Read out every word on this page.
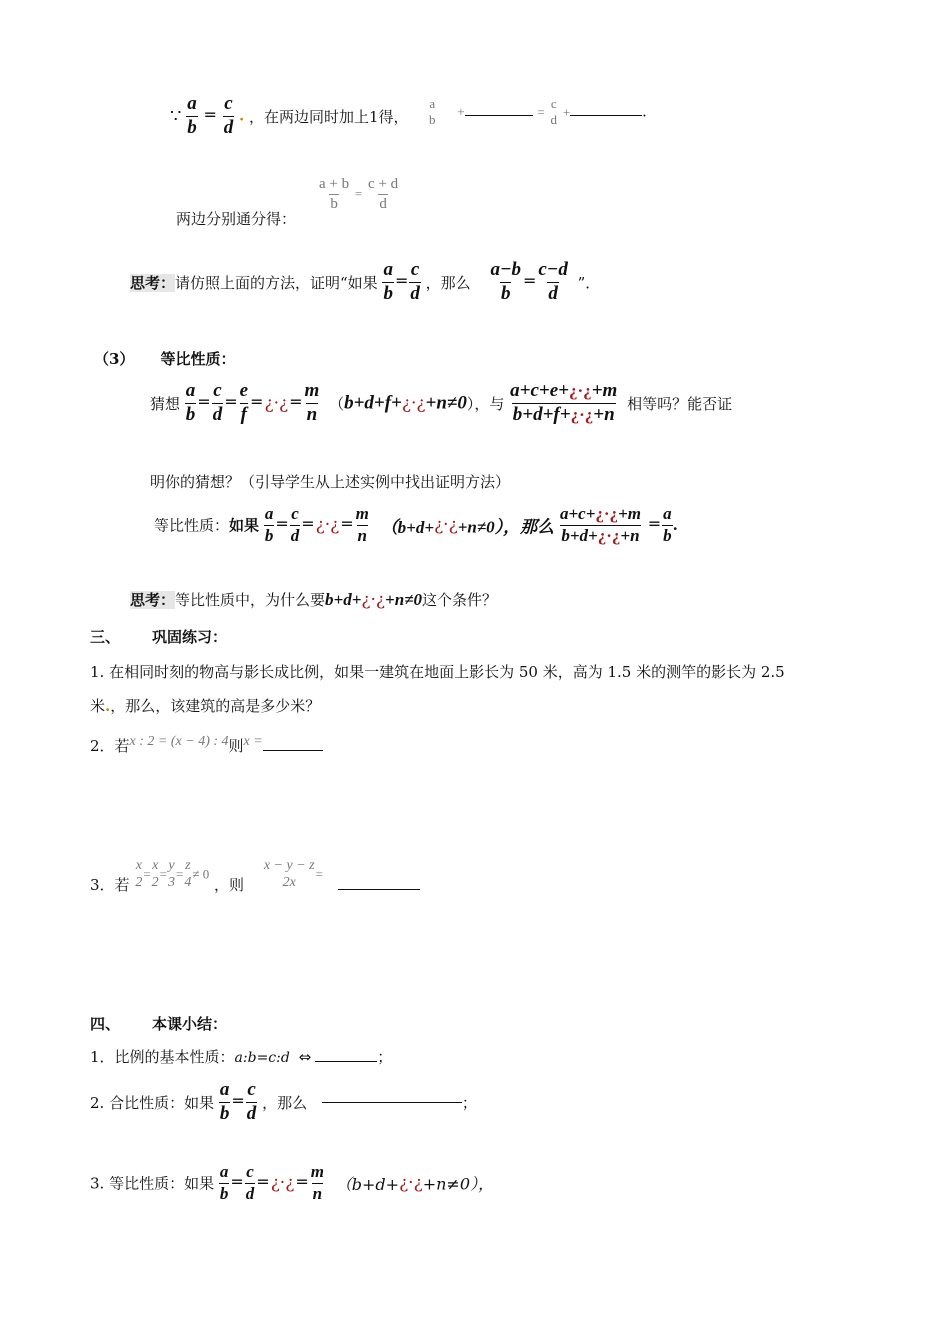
∵ $\frac{a}{b} = \frac{c}{d}$ . ，在两边同时加上1得，
a
b
+	=
c
d
+	.
两边分别通分得：
$\frac{a + b}{b} = \frac{c + d}{d}$
思考：请仿照上面的方法，证明“如果 $\frac{a}{b} = \frac{c}{d}$ ，那么 $\frac{a-b}{b} = \frac{c-d}{d}$ ”．
（3） 等比性质：
猜想 $\frac{a}{b} = \frac{c}{d} = \frac{e}{f}$ =¿·¿= $\frac{m}{n}$ （b+d+f+¿·¿+n≠0），与 $\frac{a+c+e+¿\cdot¿+m}{b+d+f+¿\cdot¿+n}$ 相等吗？能否证
明你的猜想？（引导学生从上述实例中找出证明方法）
等比性质：如果 $\frac{a}{b} = \frac{c}{d}$ =¿·¿= $\frac{m}{n}$ （b+d+¿·¿+n≠0），那么 $\frac{a+c+¿\cdot¿+m}{b+d+¿\cdot¿+n} = \frac{a}{b}$ .
思考：等比性质中，为什么要b+d+¿·¿+n≠0这个条件？
三、 巩固练习：
1. 在相同时刻的物高与影长成比例，如果一建筑在地面上影长为 50 米，高为 1.5 米的测竿的影长为 2.5
米.，那么，该建筑的高是多少米？
2．若x : 2 = (x − 4) : 4则x =
3．若
x
2
=
x
2
=
y
3
=
z
4
≠ 0 ，则
x − y − z
2x
=
四、 本课小结：
1．比例的基本性质：a:b=c:d ⇔	；
2. 合比性质：如果 $\frac{a}{b} = \frac{c}{d}$ ，那么	；
3. 等比性质：如果 $\frac{a}{b} = \frac{c}{d}$ =¿·¿= $\frac{m}{n}$ （b+d+¿·¿+n≠0），
